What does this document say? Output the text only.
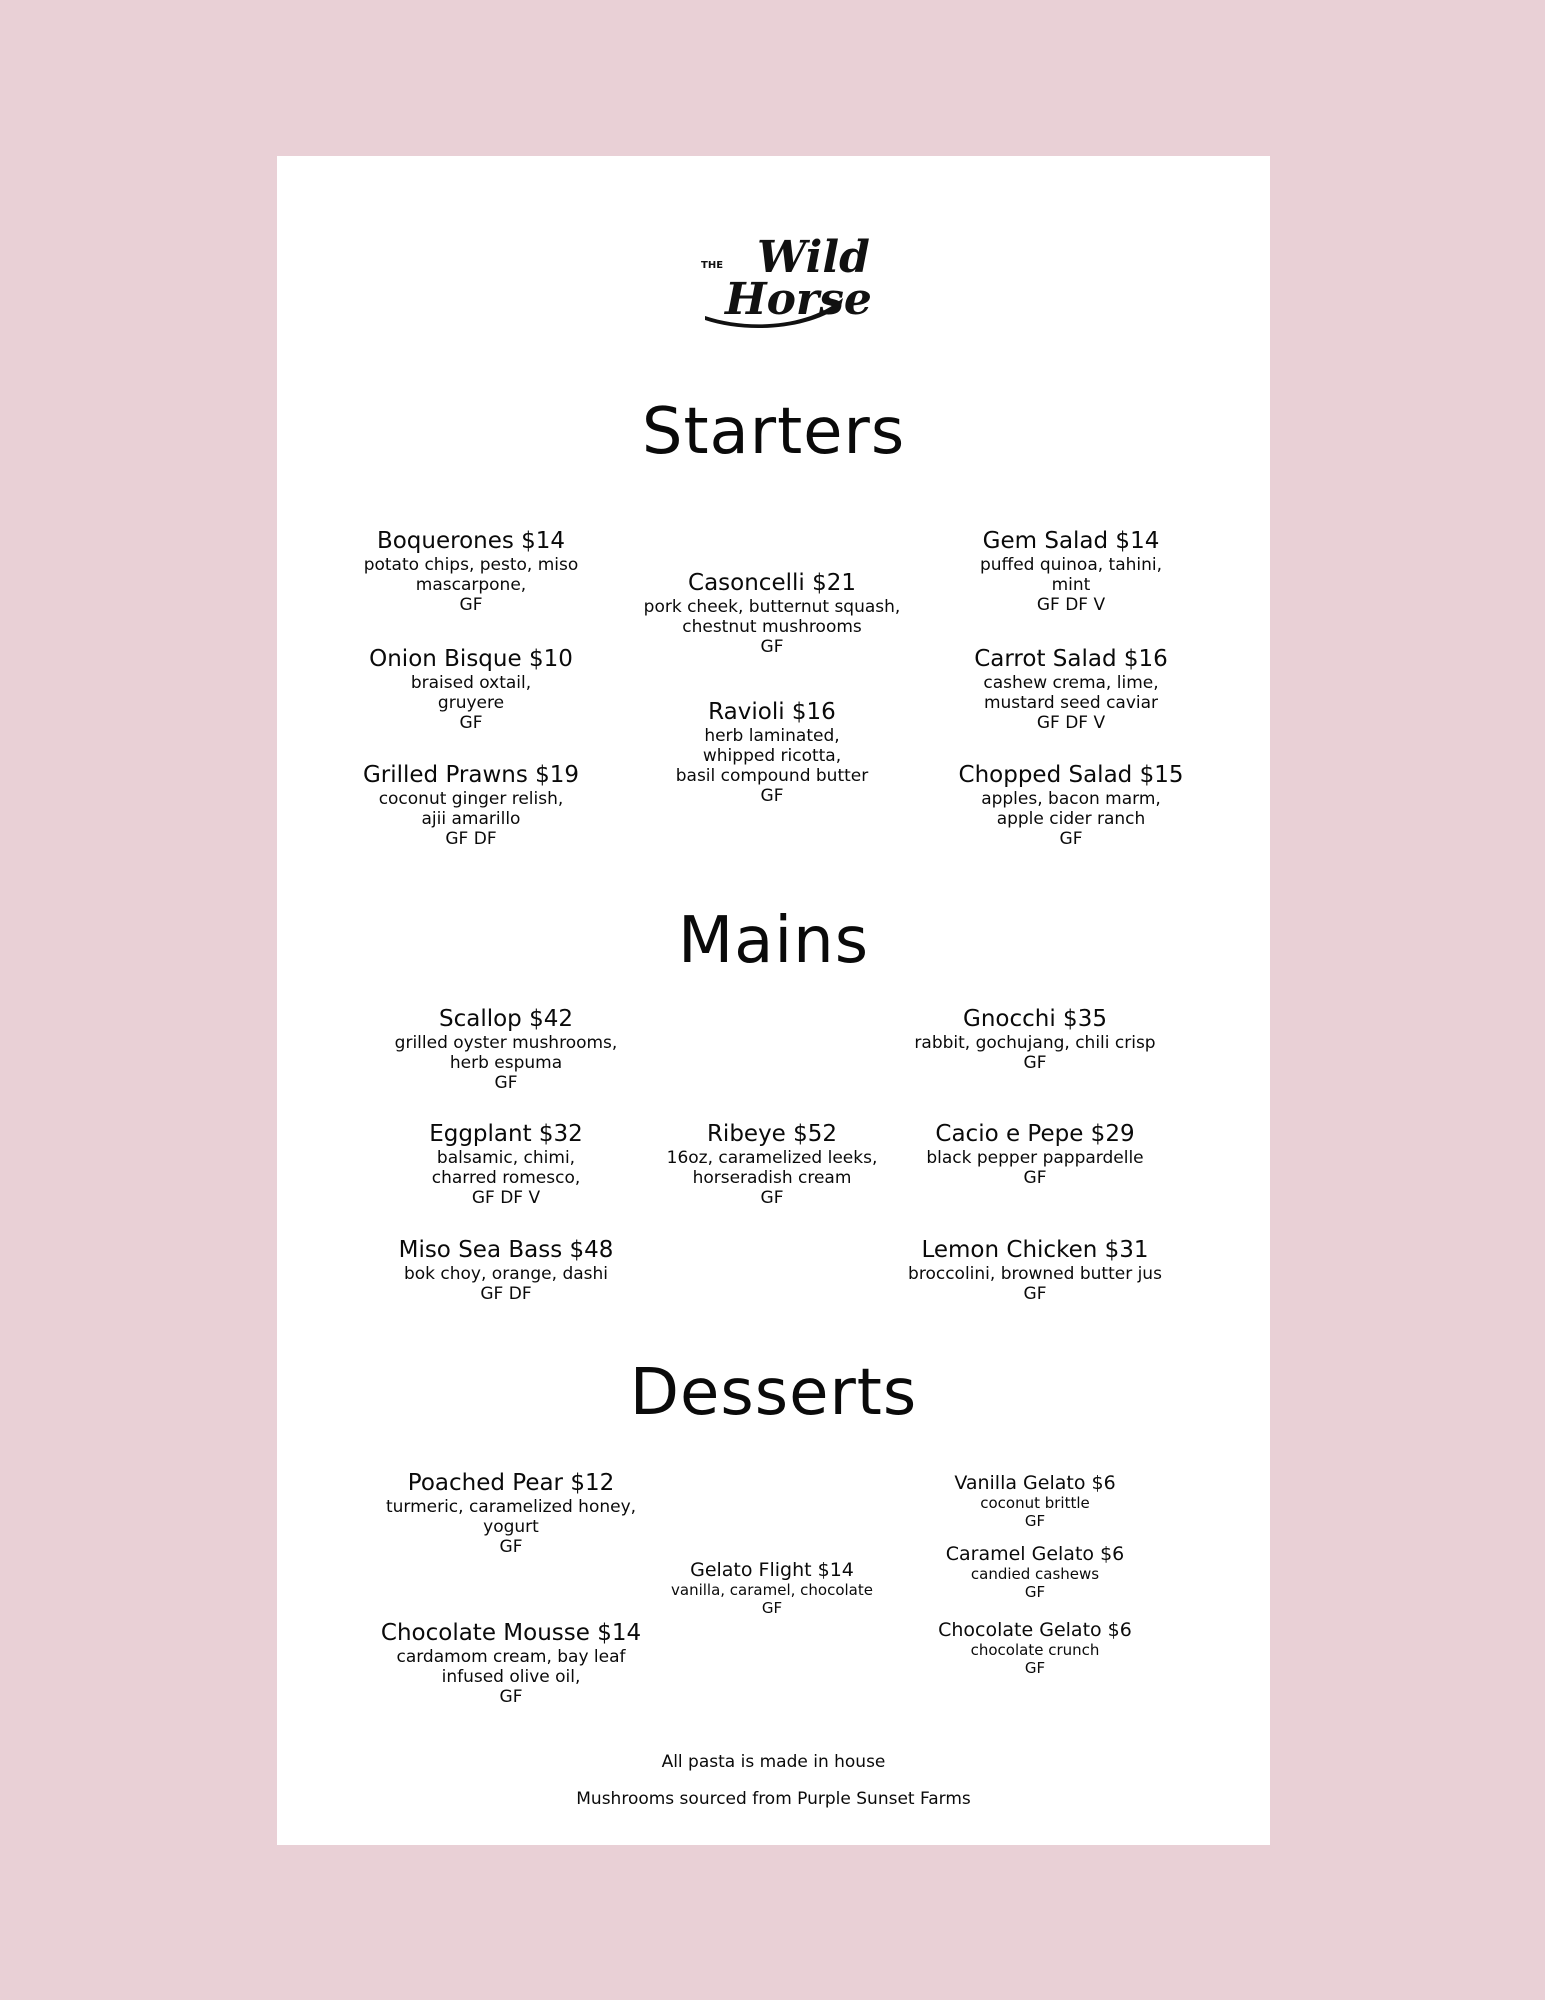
Wild
THE
Horse
Starters
Boquerones $14
potato chips, pesto, miso
mascarpone,
GF
Casoncelli $21
pork cheek, butternut squash,
chestnut mushrooms
GF
Gem Salad $14
puffed quinoa, tahini,
mint
GF DF V
Onion Bisque $10
braised oxtail,
gruyere
GF	Ravioli $16
herb laminated,
whipped ricotta,
basil compound butter
GF
Carrot Salad $16
cashew crema, lime,
mustard seed caviar
GF DF V
Grilled Prawns $19
coconut ginger relish,
ajii amarillo
GF DF
Chopped Salad $15
apples, bacon marm,
apple cider ranch
GF
Mains
Scallop $42
grilled oyster mushrooms,
herb espuma
GF
Gnocchi $35
rabbit, gochujang, chili crisp
GF
Eggplant $32
balsamic, chimi,
charred romesco,
GF DF V
Ribeye $52
16oz, caramelized leeks,
horseradish cream
GF
Cacio e Pepe $29
black pepper pappardelle
GF
Miso Sea Bass $48
bok choy, orange, dashi
GF DF
Lemon Chicken $31
broccolini, browned butter jus
GF
Desserts
Poached Pear $12
turmeric, caramelized honey,
yogurt
GF
Vanilla Gelato $6
coconut brittle
GF
Caramel Gelato $6
candied cashews
GF
Gelato Flight $14
vanilla, caramel, chocolate
GF
Chocolate Gelato $6
chocolate crunch
GF
Chocolate Mousse $14
cardamom cream, bay leaf
infused olive oil,
GF
All pasta is made in house
Mushrooms sourced from Purple Sunset Farms
